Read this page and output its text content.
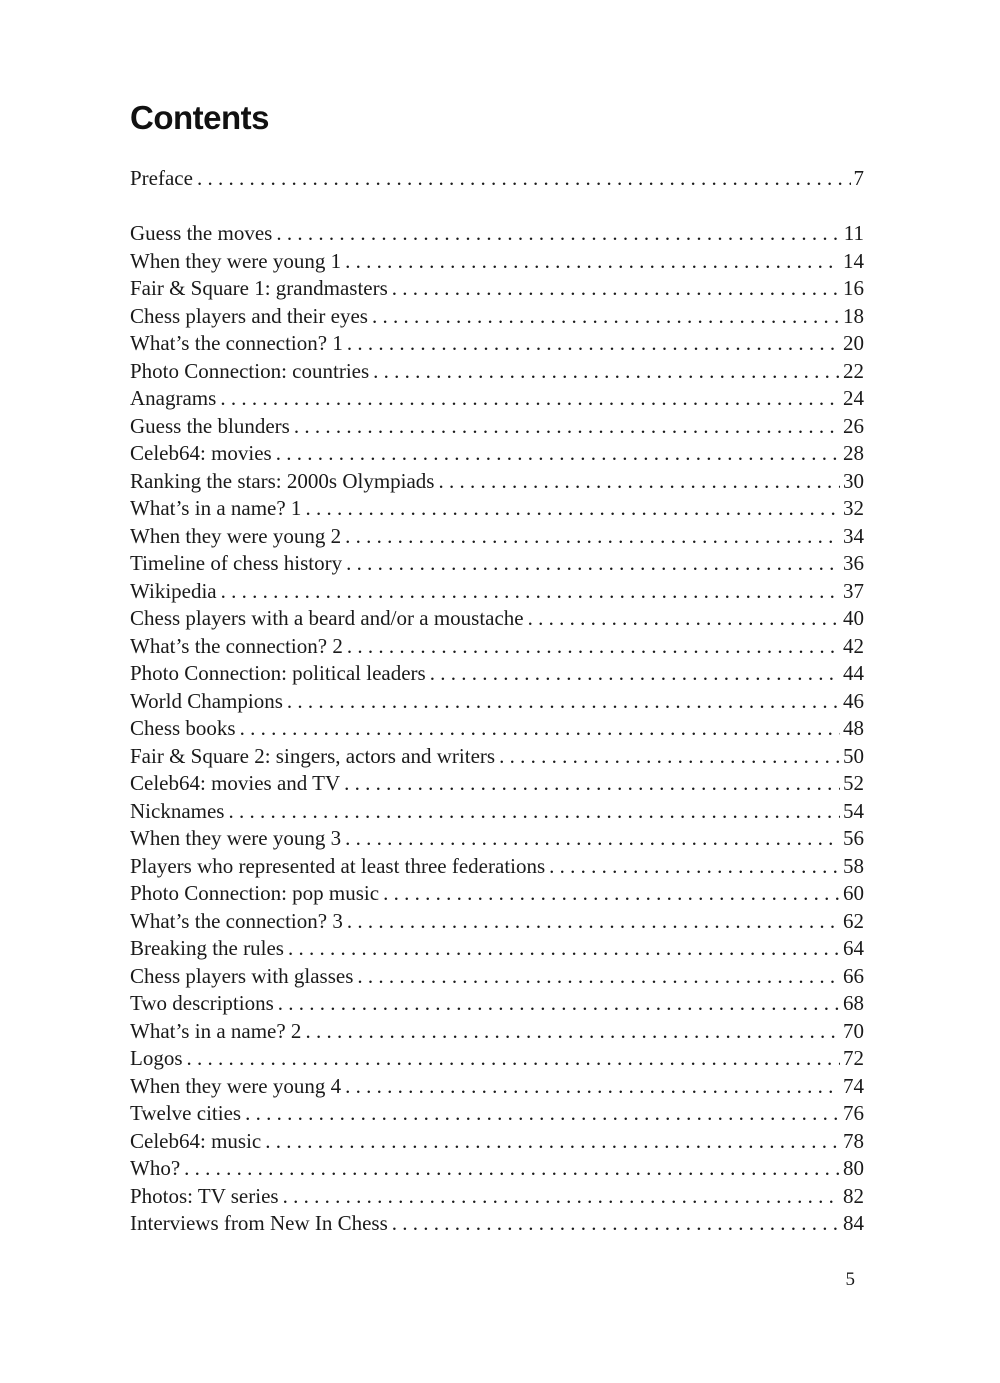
Contents
Preface . . .	7
Guess the moves . . .	11
When they were young 1 . . .	14
Fair & Square 1: grandmasters . . .	16
Chess players and their eyes . . .	18
What’s the connection? 1 . . .	20
Photo Connection: countries . . .	22
Anagrams . . .	24
Guess the blunders . . .	26
Celeb64: movies . . .	28
Ranking the stars: 2000s Olympiads . . .	30
What’s in a name? 1 . . .	32
When they were young 2 . . .	34
Timeline of chess history . . .	36
Wikipedia . . .	37
Chess players with a beard and/or a moustache . . .	40
What’s the connection? 2 . . .	42
Photo Connection: political leaders . . .	44
World Champions . . .	46
Chess books . . .	48
Fair & Square 2: singers, actors and writers . . .	50
Celeb64: movies and TV . . .	52
Nicknames . . .	54
When they were young 3 . . .	56
Players who represented at least three federations . . .	58
Photo Connection: pop music . . .	60
What’s the connection? 3 . . .	62
Breaking the rules . . .	64
Chess players with glasses . . .	66
Two descriptions . . .	68
What’s in a name? 2 . . .	70
Logos . . .	72
When they were young 4 . . .	74
Twelve cities . . .	76
Celeb64: music . . .	78
Who? . . .	80
Photos: TV series . . .	82
Interviews from New In Chess . . .	84
5
